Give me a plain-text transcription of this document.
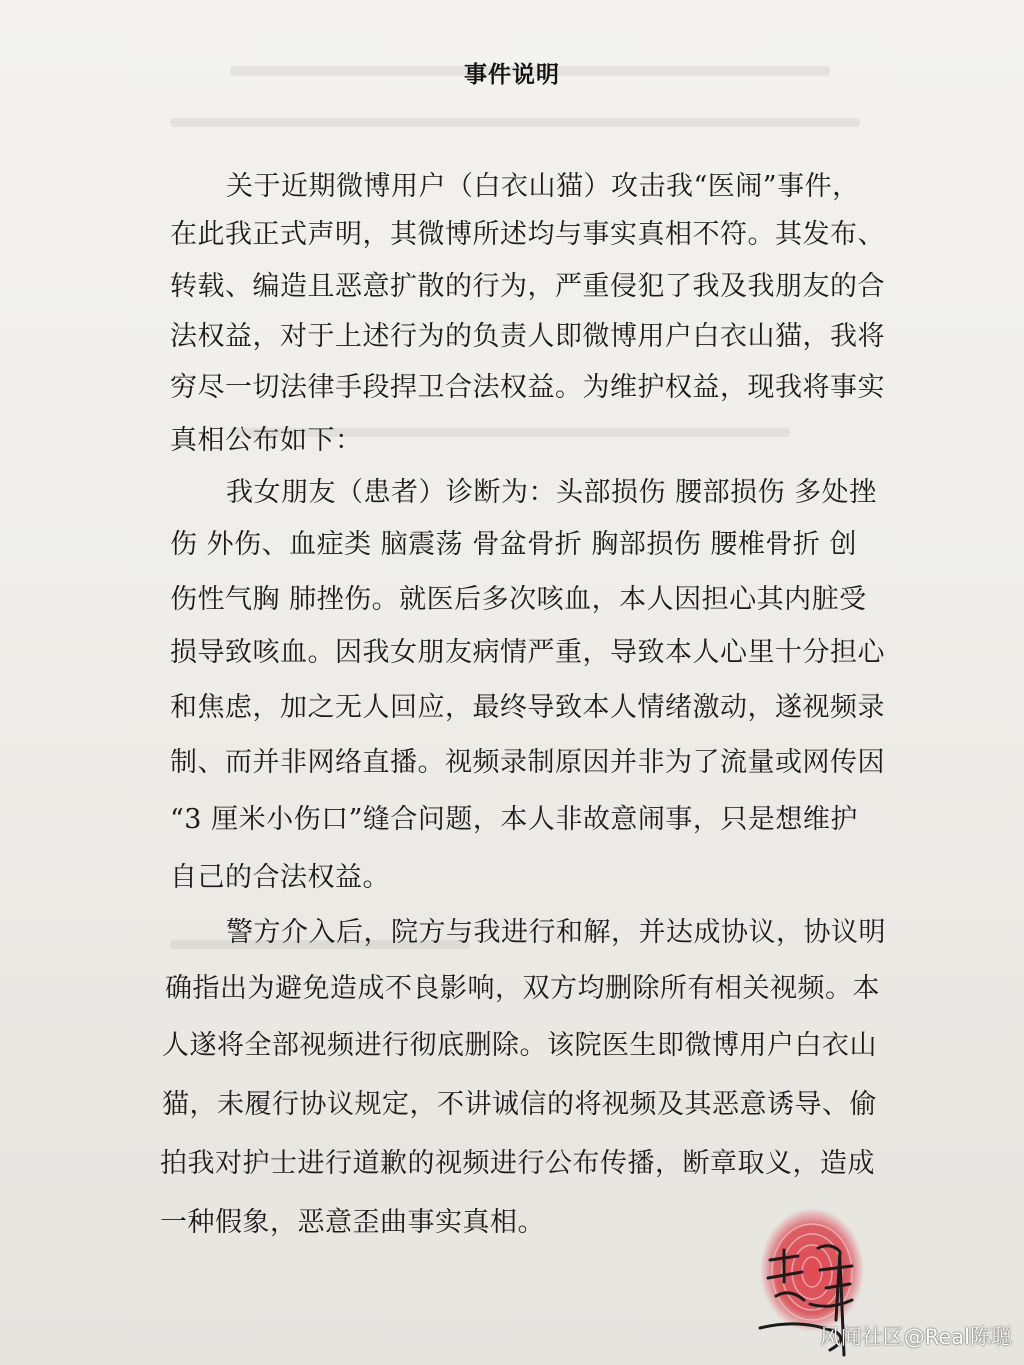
事件说明
关于近期微博用户（白衣山猫）攻击我“医闹”事件，
在此我正式声明，其微博所述均与事实真相不符。其发布、
转载、编造且恶意扩散的行为，严重侵犯了我及我朋友的合
法权益，对于上述行为的负责人即微博用户白衣山猫，我将
穷尽一切法律手段捍卫合法权益。为维护权益，现我将事实
真相公布如下：
我女朋友（患者）诊断为：头部损伤 腰部损伤 多处挫
伤 外伤、血症类 脑震荡 骨盆骨折 胸部损伤 腰椎骨折 创
伤性气胸 肺挫伤。就医后多次咳血，本人因担心其内脏受
损导致咳血。因我女朋友病情严重，导致本人心里十分担心
和焦虑，加之无人回应，最终导致本人情绪激动，遂视频录
制、而并非网络直播。视频录制原因并非为了流量或网传因
“3 厘米小伤口”缝合问题，本人非故意闹事，只是想维护
自己的合法权益。
警方介入后，院方与我进行和解，并达成协议，协议明
确指出为避免造成不良影响，双方均删除所有相关视频。本
人遂将全部视频进行彻底删除。该院医生即微博用户白衣山
猫，未履行协议规定，不讲诚信的将视频及其恶意诱导、偷
拍我对护士进行道歉的视频进行公布传播，断章取义，造成
一种假象，恶意歪曲事实真相。
风闻社区@Real陈聪
